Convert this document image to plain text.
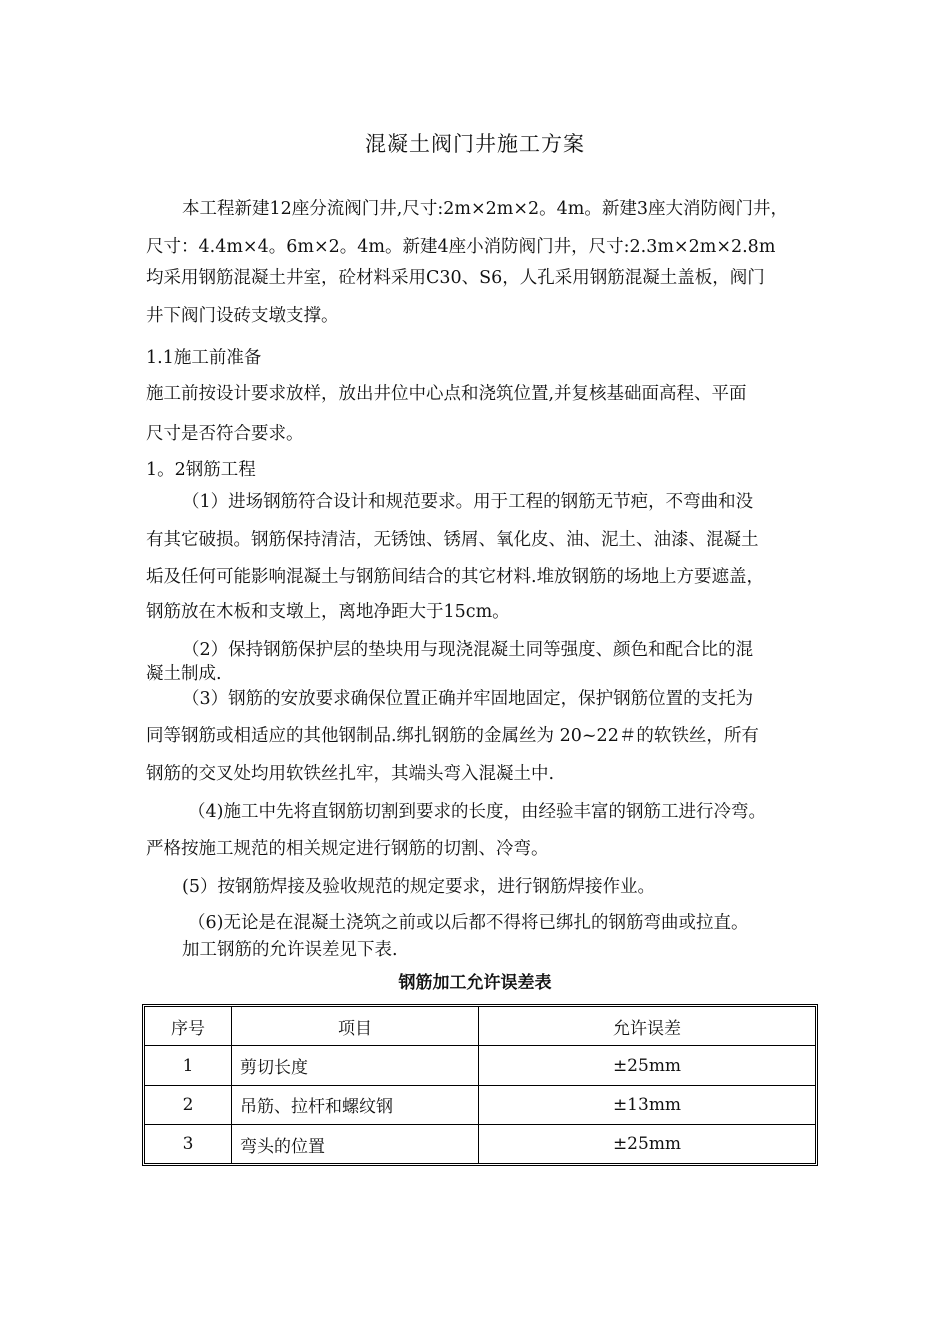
混凝土阀门井施工方案
本工程新建12座分流阀门井,尺寸:2m×2m×2。4m。新建3座大消防阀门井，
尺寸：4.4m×4。6m×2。4m。新建4座小消防阀门井，尺寸:2.3m×2m×2.8m
均采用钢筋混凝土井室，砼材料采用C30、S6，人孔采用钢筋混凝土盖板，阀门
井下阀门设砖支墩支撑。
1.1施工前准备
施工前按设计要求放样，放出井位中心点和浇筑位置,并复核基础面高程、平面
尺寸是否符合要求。
1。2钢筋工程
（1）进场钢筋符合设计和规范要求。用于工程的钢筋无节疤，不弯曲和没
有其它破损。钢筋保持清洁，无锈蚀、锈屑、氧化皮、油、泥土、油漆、混凝土
垢及任何可能影响混凝土与钢筋间结合的其它材料.堆放钢筋的场地上方要遮盖，
钢筋放在木板和支墩上，离地净距大于15cm。
（2）保持钢筋保护层的垫块用与现浇混凝土同等强度、颜色和配合比的混
凝土制成.
（3）钢筋的安放要求确保位置正确并牢固地固定，保护钢筋位置的支托为
同等钢筋或相适应的其他钢制品.绑扎钢筋的金属丝为 20~22＃的软铁丝，所有
钢筋的交叉处均用软铁丝扎牢，其端头弯入混凝土中.
（4)施工中先将直钢筋切割到要求的长度，由经验丰富的钢筋工进行冷弯。
严格按施工规范的相关规定进行钢筋的切割、冷弯。
(5）按钢筋焊接及验收规范的规定要求，进行钢筋焊接作业。
（6)无论是在混凝土浇筑之前或以后都不得将已绑扎的钢筋弯曲或拉直。
加工钢筋的允许误差见下表.
钢筋加工允许误差表
序号	项目	允许误差
1	剪切长度	±25mm
2	吊筋、拉杆和螺纹钢	±13mm
3	弯头的位置	±25mm
